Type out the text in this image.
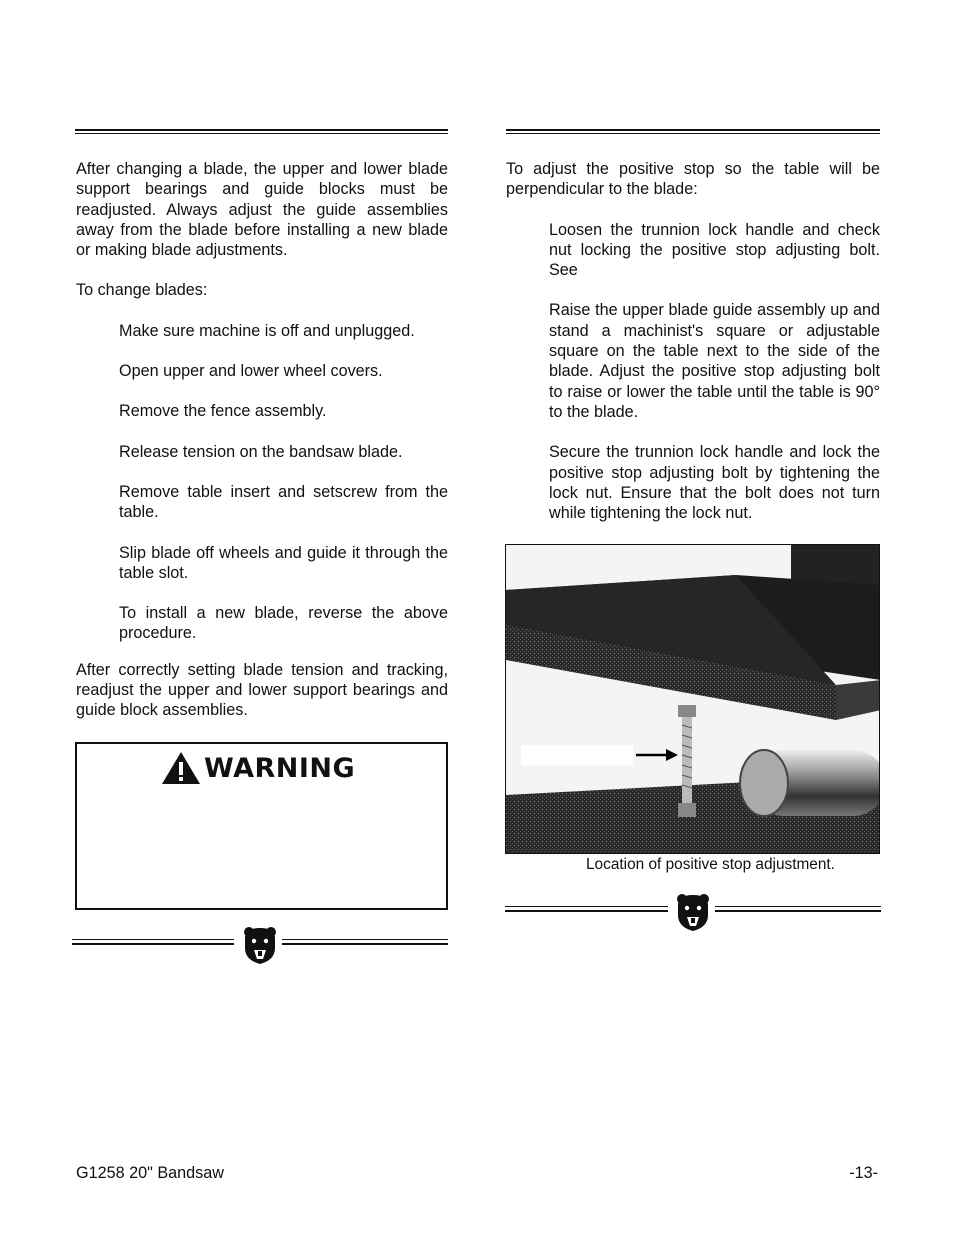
After changing a blade, the upper and lower blade support bearings and guide blocks must be readjusted. Always adjust the guide assemblies away from the blade before installing a new blade or making blade adjustments.

To change blades:

Make sure machine is off and unplugged.

Open upper and lower wheel covers.

Remove the fence assembly.

Release tension on the bandsaw blade.

Remove table insert and setscrew from the table.

Slip blade off wheels and guide it through the table slot.

To install a new blade, reverse the above procedure.

After correctly setting blade tension and tracking, readjust the upper and lower support bearings and guide block assemblies.

WARNING

To adjust the positive stop so the table will be perpendicular to the blade:

Loosen the trunnion lock handle and check nut locking the positive stop adjusting bolt. See

Raise the upper blade guide assembly up and stand a machinist's square or adjustable square on the table next to the side of the blade. Adjust the positive stop adjusting bolt to raise or lower the table until the table is 90° to the blade.

Secure the trunnion lock handle and lock the positive stop adjusting bolt by tightening the lock nut. Ensure that the bolt does not turn while tightening the lock nut.

Location of positive stop adjustment.
G1258 20" Bandsaw	-13-
